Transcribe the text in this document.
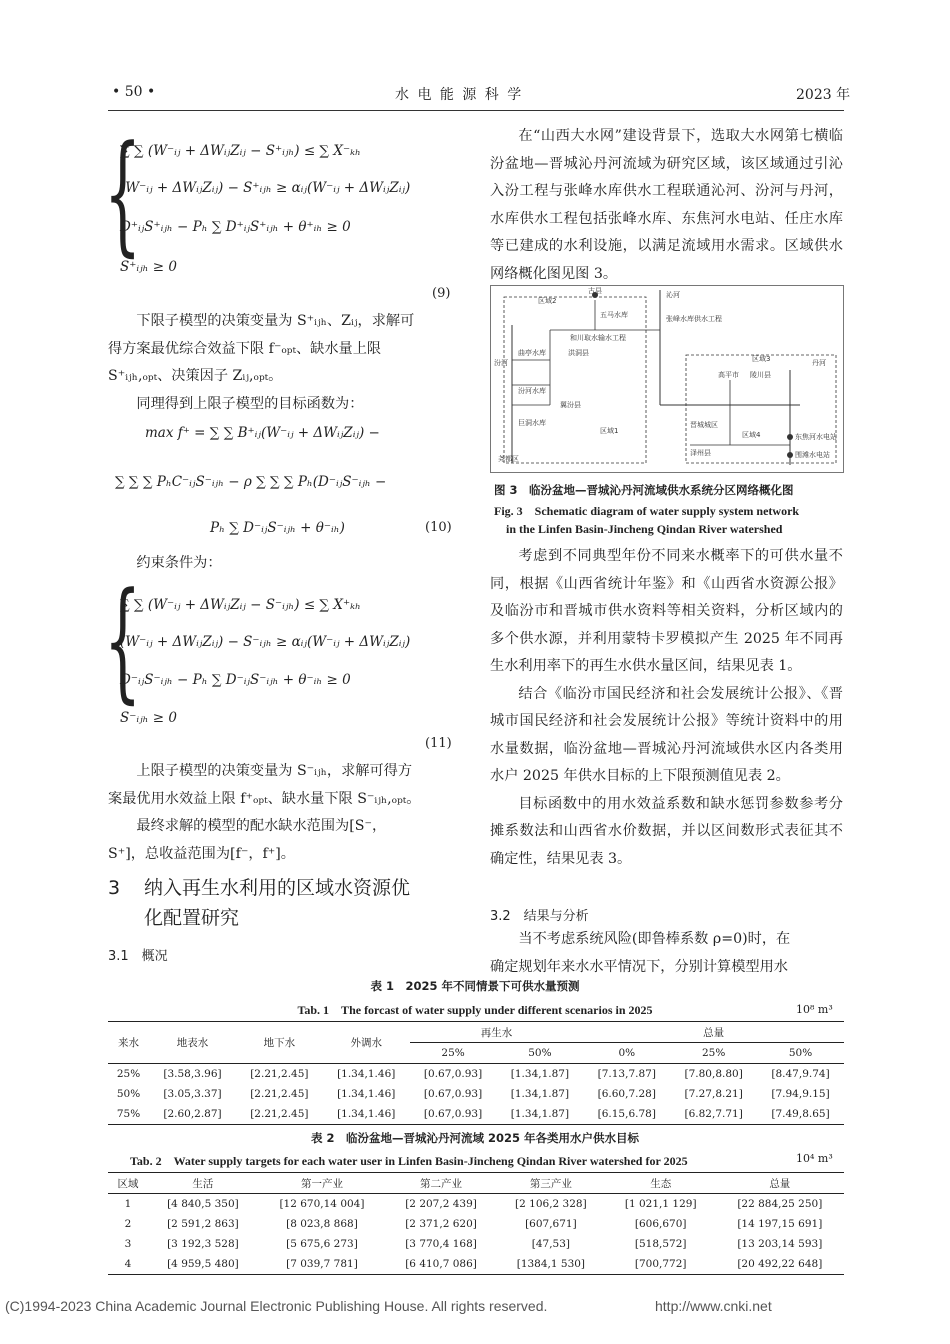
• 50 •	水 电 能 源 科 学	2023 年
{
∑ ∑ (W⁻ᵢⱼ + ΔWᵢⱼZᵢⱼ − S⁺ᵢⱼₕ) ≤ ∑ X⁻ₖₕ
(W⁻ᵢⱼ + ΔWᵢⱼZᵢⱼ) − S⁺ᵢⱼₕ ≥ αᵢⱼ(W⁻ᵢⱼ + ΔWᵢⱼZᵢⱼ)
D⁺ᵢⱼS⁺ᵢⱼₕ − Pₕ ∑ D⁺ᵢⱼS⁺ᵢⱼₕ + θ⁺ᵢₕ ≥ 0
S⁺ᵢⱼₕ ≥ 0
(9)

下限子模型的决策变量为 S⁺ᵢⱼₕ、Zᵢⱼ，求解可

得方案最优综合效益下限 f⁻ₒₚₜ、缺水量上限
S⁺ᵢⱼₕ,ₒₚₜ、决策因子 Zᵢⱼ,ₒₚₜ。

同理得到上限子模型的目标函数为：

max f⁺ = ∑ ∑ B⁺ᵢⱼ(W⁻ᵢⱼ + ΔWᵢⱼZᵢⱼ) −
∑ ∑ ∑ PₕC⁻ᵢⱼS⁻ᵢⱼₕ − ρ ∑ ∑ ∑ Pₕ(D⁻ᵢⱼS⁻ᵢⱼₕ −
Pₕ ∑ D⁻ᵢⱼS⁻ᵢⱼₕ + θ⁻ᵢₕ)	(10)

约束条件为：

{
∑ ∑ (W⁻ᵢⱼ + ΔWᵢⱼZᵢⱼ − S⁻ᵢⱼₕ) ≤ ∑ X⁺ₖₕ
(W⁻ᵢⱼ + ΔWᵢⱼZᵢⱼ) − S⁻ᵢⱼₕ ≥ αᵢⱼ(W⁻ᵢⱼ + ΔWᵢⱼZᵢⱼ)
D⁻ᵢⱼS⁻ᵢⱼₕ − Pₕ ∑ D⁻ᵢⱼS⁻ᵢⱼₕ + θ⁻ᵢₕ ≥ 0
S⁻ᵢⱼₕ ≥ 0
(11)

上限子模型的决策变量为 S⁻ᵢⱼₕ，求解可得方

案最优用水效益上限 f⁺ₒₚₜ、缺水量下限 S⁻ᵢⱼₕ,ₒₚₜ。

最终求解的模型的配水缺水范围为[S⁻，

S⁺]，总收益范围为[f⁻，f⁺]。
3 纳入再生水利用的区域水资源优
化配置研究
3.1　概况

在“山西大水网”建设背景下，选取大水网第七横临汾盆地—晋城沁丹河流域为研究区域，该区域通过引沁入汾工程与张峰水库供水工程联通沁河、汾河与丹河，水库供水工程包括张峰水库、东焦河水电站、任庄水库等已建成的水利设施，以满足流域用水需求。区域供水网络概化图见图 3。

区域2
古县
五马水库
和川取水输水工程
洪洞县
汾河
曲亭水库
汾河水库
巨洞水库
翼汾县
区域1
尧都区
沁河
张峰水库供水工程
区域3	丹河
高平市 陵川县
晋城城区
泽州县
区域4	东焦河水电站
围滩水电站
图 3　临汾盆地—晋城沁丹河流域供水系统分区网络概化图
Fig. 3　Schematic diagram of water supply system network
in the Linfen Basin-Jincheng Qindan River watershed

考虑到不同典型年份不同来水概率下的可供水量不同，根据《山西省统计年鉴》和《山西省水资源公报》及临汾市和晋城市供水资料等相关资料，分析区域内的多个供水源，并利用蒙特卡罗模拟产生 2025 年不同再生水利用率下的再生水供水量区间，结果见表 1。

结合《临汾市国民经济和社会发展统计公报》、《晋城市国民经济和社会发展统计公报》等统计资料中的用水量数据，临汾盆地—晋城沁丹河流域供水区内各类用水户 2025 年供水目标的上下限预测值见表 2。

目标函数中的用水效益系数和缺水惩罚参数参考分摊系数法和山西省水价数据，并以区间数形式表征其不确定性，结果见表 3。

3.2　结果与分析

当不考虑系统风险(即鲁棒系数 ρ=0)时，在

确定规划年来水水平情况下，分别计算模型用水
表 1　2025 年不同情景下可供水量预测
Tab. 1　The forcast of water supply under different scenarios in 2025	10⁸ m³
来水	地表水	地下水	外调水	再生水		总量		
				25%	50%	0%	25%	50%
25%	[3.58,3.96]	[2.21,2.45]	[1.34,1.46]	[0.67,0.93]	[1.34,1.87]	[7.13,7.87]	[7.80,8.80]	[8.47,9.74]
50%	[3.05,3.37]	[2.21,2.45]	[1.34,1.46]	[0.67,0.93]	[1.34,1.87]	[6.60,7.28]	[7.27,8.21]	[7.94,9.15]
75%	[2.60,2.87]	[2.21,2.45]	[1.34,1.46]	[0.67,0.93]	[1.34,1.87]	[6.15,6.78]	[6.82,7.71]	[7.49,8.65]
表 2　临汾盆地—晋城沁丹河流域 2025 年各类用水户供水目标
Tab. 2　Water supply targets for each water user in Linfen Basin-Jincheng Qindan River watershed for 2025	10⁴ m³
区域	生活	第一产业	第二产业	第三产业	生态	总量
1	[4 840,5 350]	[12 670,14 004]	[2 207,2 439]	[2 106,2 328]	[1 021,1 129]	[22 884,25 250]
2	[2 591,2 863]	[8 023,8 868]	[2 371,2 620]	[607,671]	[606,670]	[14 197,15 691]
3	[3 192,3 528]	[5 675,6 273]	[3 770,4 168]	[47,53]	[518,572]	[13 203,14 593]
4	[4 959,5 480]	[7 039,7 781]	[6 410,7 086]	[1384,1 530]	[700,772]	[20 492,22 648]
(C)1994-2023 China Academic Journal Electronic Publishing House. All rights reserved.	http://www.cnki.net
